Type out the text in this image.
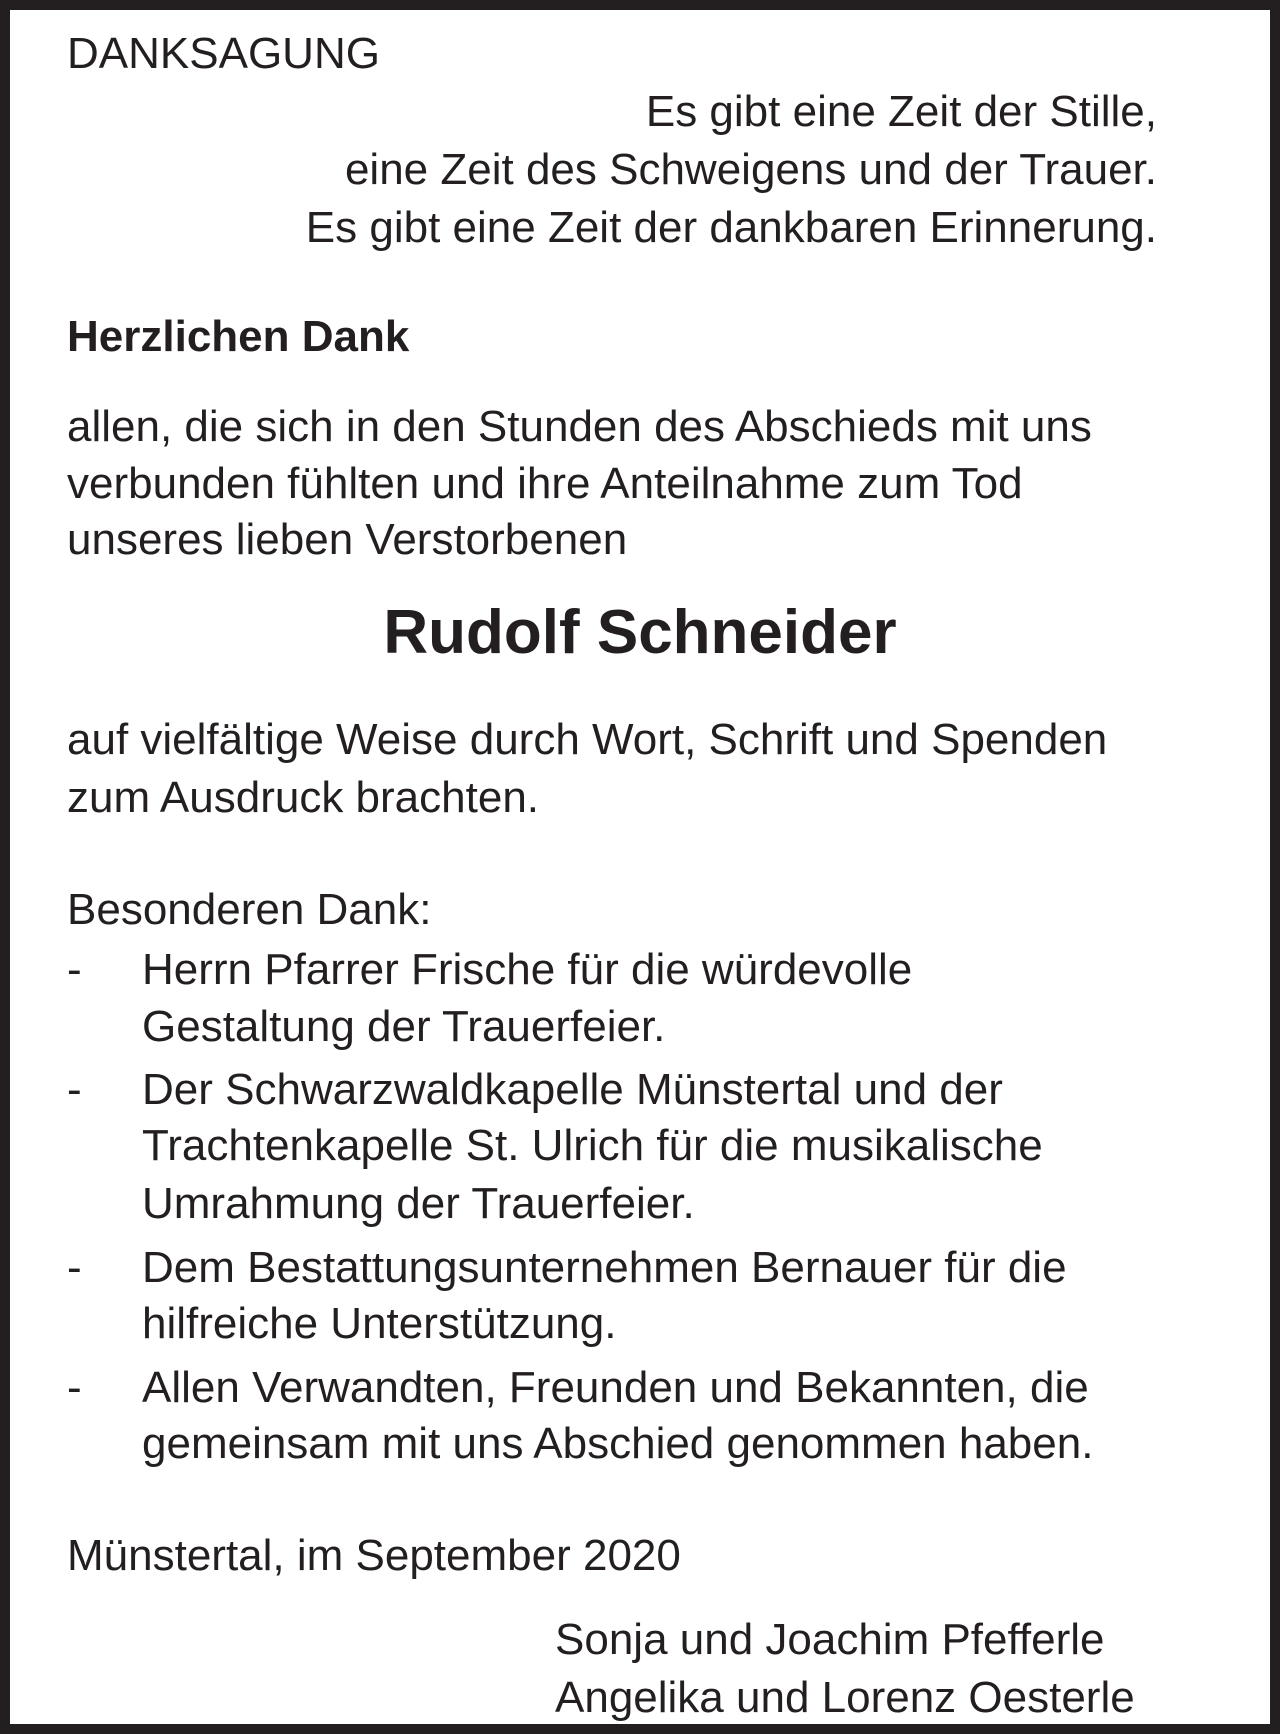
DANKSAGUNG

Es gibt eine Zeit der Stille,

eine Zeit des Schweigens und der Trauer.

Es gibt eine Zeit der dankbaren Erinnerung.

Herzlichen Dank

allen, die sich in den Stunden des Abschieds mit uns

verbunden fühlten und ihre Anteilnahme zum Tod

unseres lieben Verstorbenen

Rudolf Schneider

auf vielfältige Weise durch Wort, Schrift und Spenden

zum Ausdruck brachten.

Besonderen Dank:

- Herrn Pfarrer Frische für die würdevolle

Gestaltung der Trauerfeier.

- Der Schwarzwaldkapelle Münstertal und der

Trachtenkapelle St. Ulrich für die musikalische

Umrahmung der Trauerfeier.

- Dem Bestattungsunternehmen Bernauer für die

hilfreiche Unterstützung.

- Allen Verwandten, Freunden und Bekannten, die

gemeinsam mit uns Abschied genommen haben.

Münstertal, im September 2020

Sonja und Joachim Pfefferle

Angelika und Lorenz Oesterle
